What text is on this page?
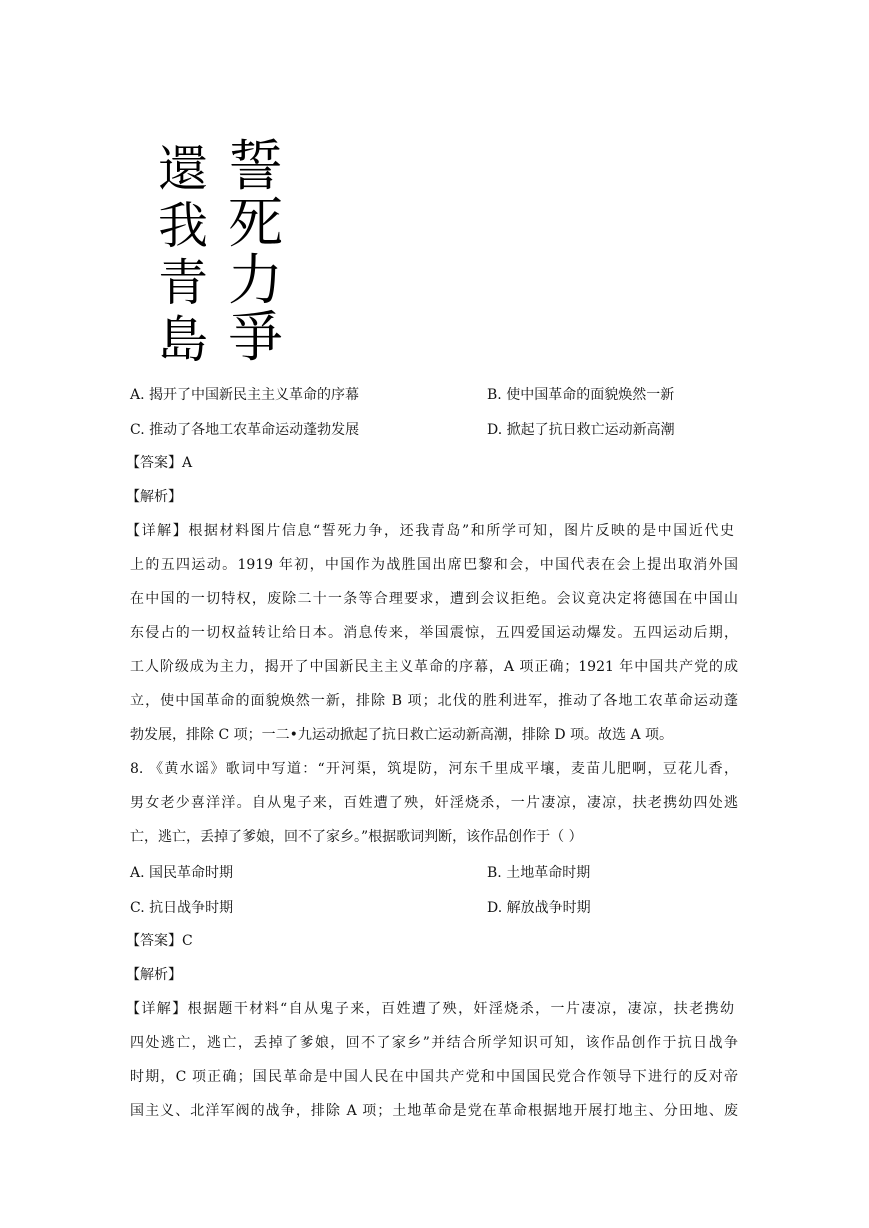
還
我
青
島
誓
死
力
爭
A. 揭开了中国新民主主义革命的序幕	B. 使中国革命的面貌焕然一新
C. 推动了各地工农革命运动蓬勃发展	D. 掀起了抗日救亡运动新高潮
【答案】A
【解析】
【详解】根据材料图片信息“誓死力争，还我青岛”和所学可知，图片反映的是中国近代史
上的五四运动。1919 年初，中国作为战胜国出席巴黎和会，中国代表在会上提出取消外国
在中国的一切特权，废除二十一条等合理要求，遭到会议拒绝。会议竟决定将德国在中国山
东侵占的一切权益转让给日本。消息传来，举国震惊，五四爱国运动爆发。五四运动后期，
工人阶级成为主力，揭开了中国新民主主义革命的序幕，A 项正确；1921 年中国共产党的成
立，使中国革命的面貌焕然一新，排除 B 项；北伐的胜利进军，推动了各地工农革命运动蓬
勃发展，排除 C 项；一二•九运动掀起了抗日救亡运动新高潮，排除 D 项。故选 A 项。
8. 《黄水谣》歌词中写道：“开河渠，筑堤防，河东千里成平壤，麦苗儿肥啊，豆花儿香，
男女老少喜洋洋。自从鬼子来，百姓遭了殃，奸淫烧杀，一片凄凉，凄凉，扶老携幼四处逃
亡，逃亡，丢掉了爹娘，回不了家乡。”根据歌词判断，该作品创作于（ ）
A. 国民革命时期	B. 土地革命时期
C. 抗日战争时期	D. 解放战争时期
【答案】C
【解析】
【详解】根据题干材料“自从鬼子来，百姓遭了殃，奸淫烧杀，一片凄凉，凄凉，扶老携幼
四处逃亡，逃亡，丢掉了爹娘，回不了家乡”并结合所学知识可知，该作品创作于抗日战争
时期，C 项正确；国民革命是中国人民在中国共产党和中国国民党合作领导下进行的反对帝
国主义、北洋军阀的战争，排除 A 项；土地革命是党在革命根据地开展打地主、分田地、废
